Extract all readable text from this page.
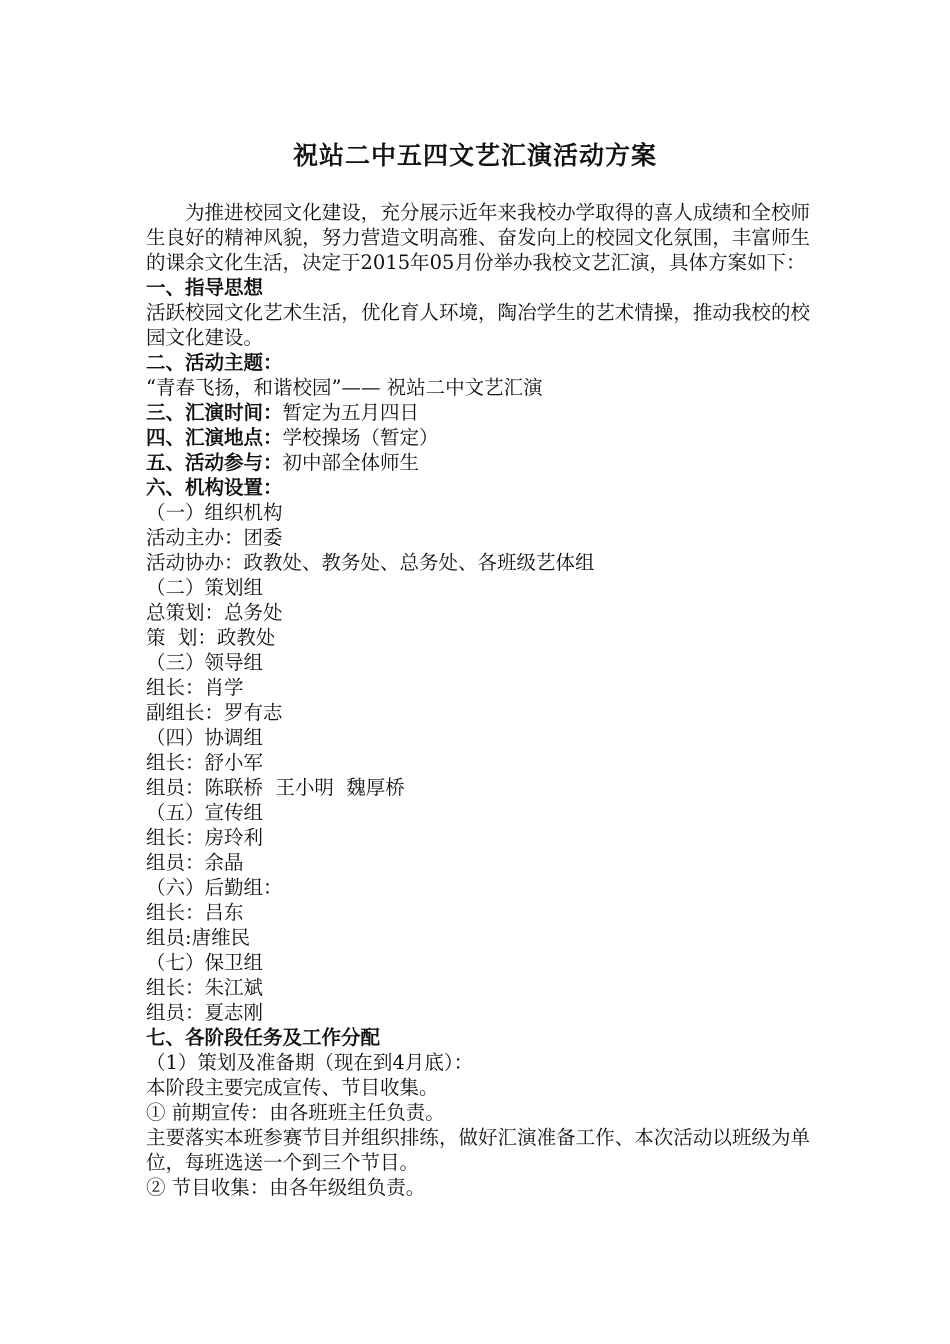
祝站二中五四文艺汇演活动方案
为推进校园文化建设，充分展示近年来我校办学取得的喜人成绩和全校师生良好的精神风貌，努力营造文明高雅、奋发向上的校园文化氛围，丰富师生的课余文化生活，决定于2015年05月份举办我校文艺汇演，具体方案如下：
一、指导思想
活跃校园文化艺术生活，优化育人环境，陶冶学生的艺术情操，推动我校的校园文化建设。
二、活动主题：
“青春飞扬，和谐校园”—— 祝站二中文艺汇演
三、汇演时间：暂定为五月四日
四、汇演地点：学校操场（暂定）
五、活动参与：初中部全体师生
六、机构设置：
（一）组织机构
活动主办：团委
活动协办：政教处、教务处、总务处、各班级艺体组
（二）策划组
总策划：总务处
策  划：政教处
（三）领导组
组长：肖学
副组长：罗有志
（四）协调组
组长：舒小军
组员：陈联桥  王小明  魏厚桥
（五）宣传组
组长：房玲利
组员：余晶
（六）后勤组：
组长：吕东
组员:唐维民
（七）保卫组
组长：朱江斌
组员：夏志刚
七、各阶段任务及工作分配
（1）策划及准备期（现在到4月底）：
本阶段主要完成宣传、节目收集。
① 前期宣传：由各班班主任负责。
主要落实本班参赛节目并组织排练，做好汇演准备工作、本次活动以班级为单位，每班选送一个到三个节目。
② 节目收集：由各年级组负责。
